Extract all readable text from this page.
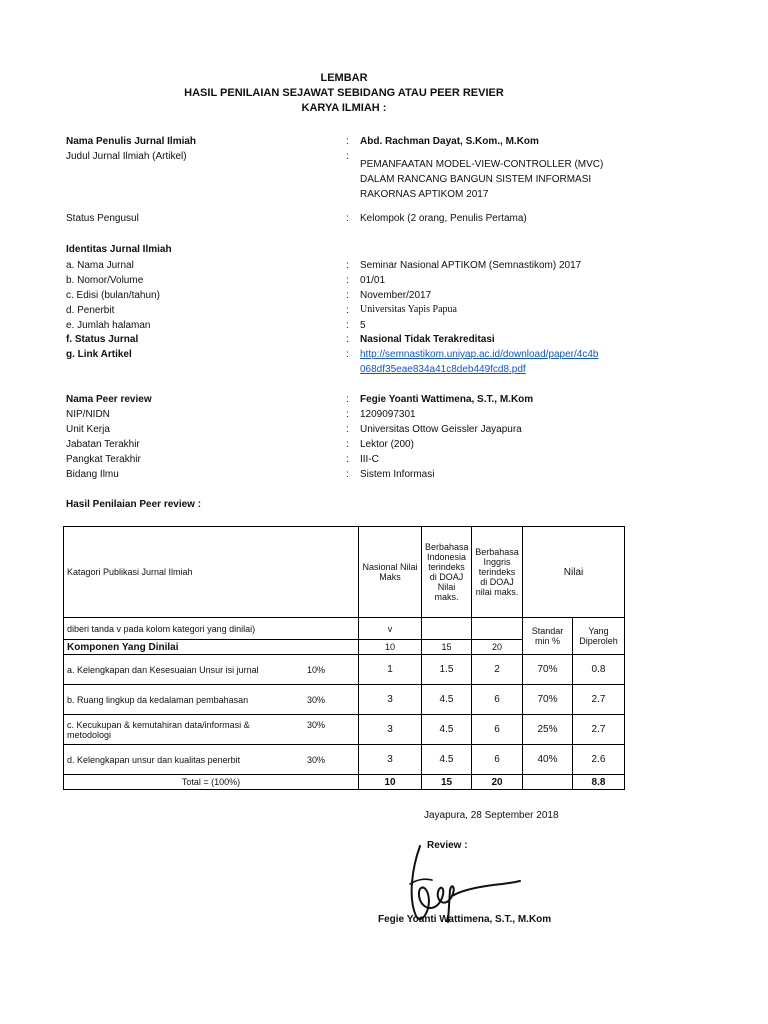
LEMBAR
HASIL PENILAIAN SEJAWAT SEBIDANG ATAU PEER REVIER
KARYA ILMIAH :
Nama Penulis Jurnal Ilmiah	: Abd. Rachman Dayat, S.Kom., M.Kom
Judul Jurnal Ilmiah (Artikel)	:
PEMANFAATAN MODEL-VIEW-CONTROLLER (MVC)
DALAM RANCANG BANGUN SISTEM INFORMASI
RAKORNAS APTIKOM 2017
Status Pengusul	: Kelompok (2 orang, Penulis Pertama)
Identitas Jurnal Ilmiah
a. Nama Jurnal	: Seminar Nasional APTIKOM (Semnastikom) 2017
b. Nomor/Volume	: 01/01
c. Edisi (bulan/tahun)	: November/2017
d. Penerbit	: Universitas Yapis Papua
e. Jumlah halaman	: 5
f. Status Jurnal	: Nasional Tidak Terakreditasi
g. Link Artikel	: http://semnastikom.uniyap.ac.id/download/paper/4c4b
068df35eae834a41c8deb449fcd8.pdf
Nama Peer review	: Fegie Yoanti Wattimena, S.T., M.Kom
NIP/NIDN	: 1209097301
Unit Kerja	: Universitas Ottow Geissler Jayapura
Jabatan Terakhir	: Lektor (200)
Pangkat Terakhir	: III-C
Bidang Ilmu	: Sistem Informasi
Hasil Penilaian Peer review :
Katagori Publikasi Jurnal Ilmiah	Nasional Nilai Maks	Berbahasa Indonesia terindeks di DOAJ Nilai maks.	Berbahasa Inggris terindeks di DOAJ nilai maks.	Nilai	
diberi tanda v pada kolom kategori yang dinilai)	v			Standar min %	Yang Diperoleh
Komponen Yang Dinilai	10	15	20		

a. Kelengkapan dan Kesesuaian Unsur isi jurnal 10%	1	1.5	2	70%	0.8

b. Ruang lingkup da kedalaman pembahasan 30%	3	4.5	6	70%	2.7

c. Kecukupan & kemutahiran data/informasi & metodologi
30%	3	4.5	6	25%	2.7

d. Kelengkapan unsur dan kualitas penerbit 30%	3	4.5	6	40%	2.6
Total = (100%)	10	15	20		8.8
Jayapura, 28 September 2018
Review :
Fegie Yoanti Wattimena, S.T., M.Kom
